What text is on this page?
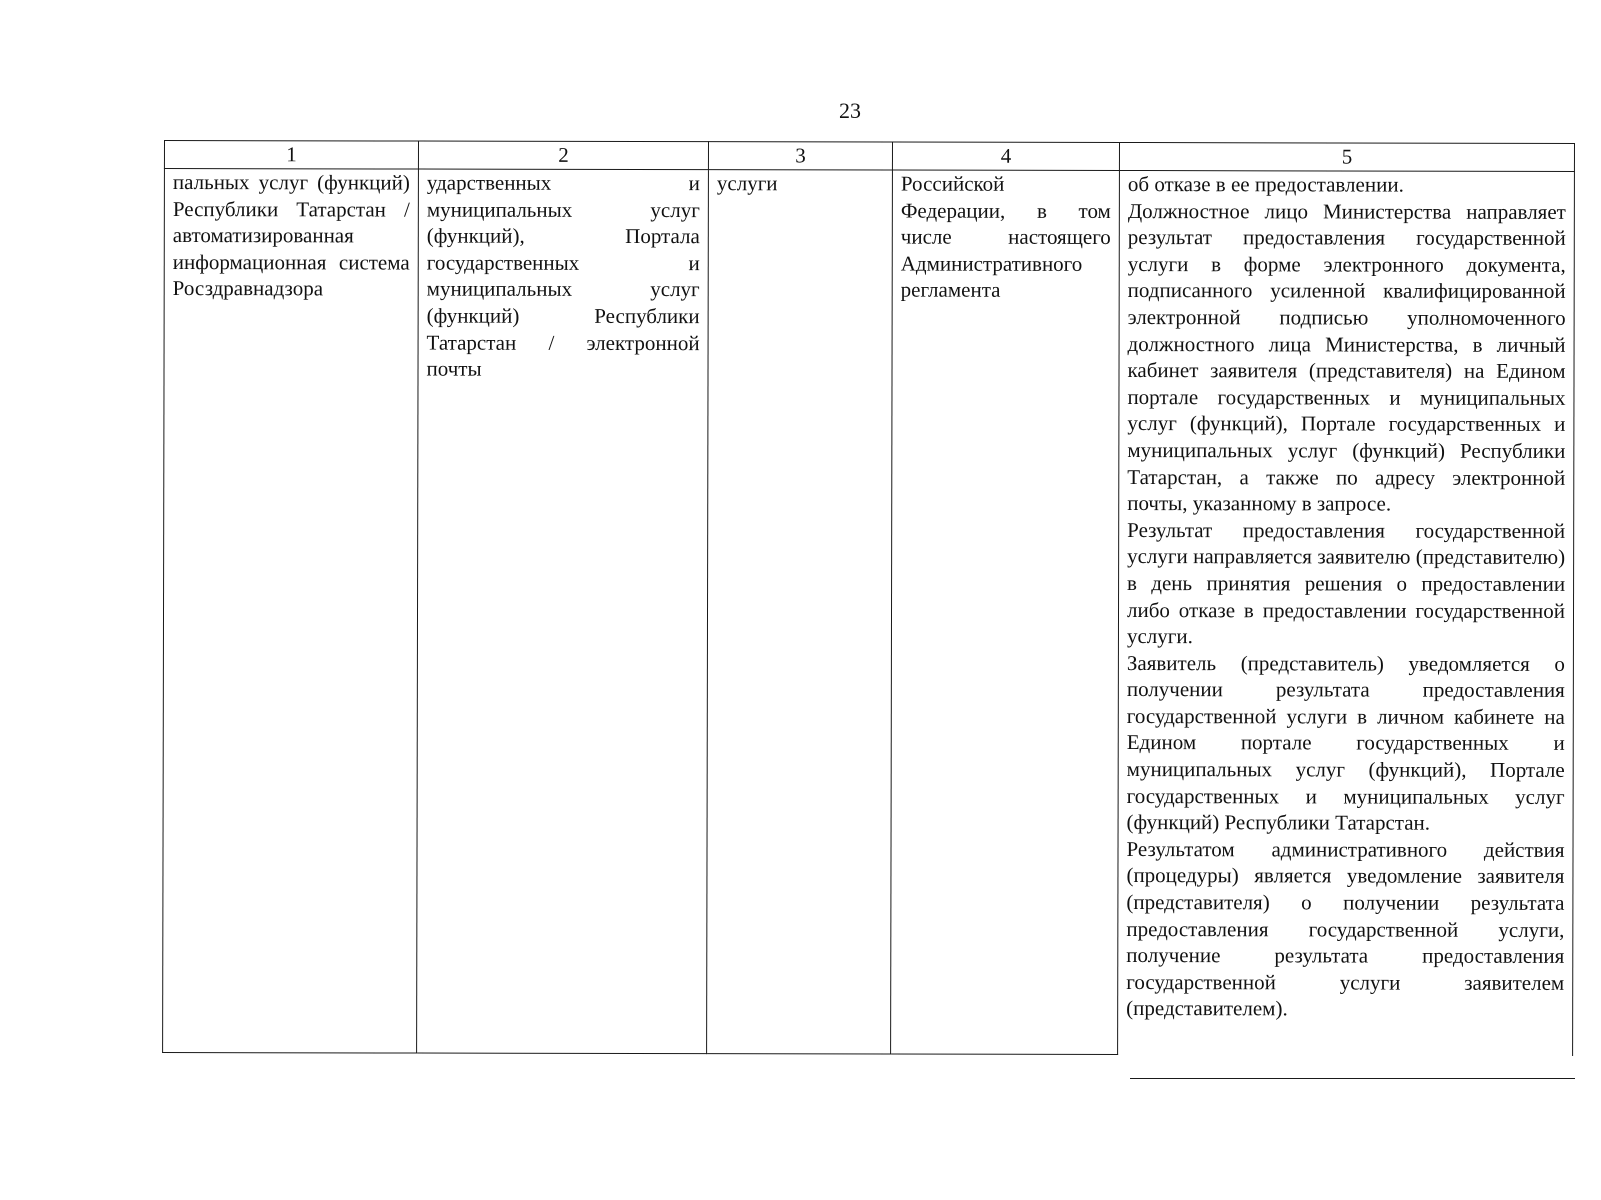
23
1	2	3	4	5

пальных услуг (функций) Республики Татарстан / автоматизированная информационная система Росздравнадзора	ударственных и муниципальных услуг (функций), Портала государственных и муниципальных услуг (функций) Республики Татарстан / электронной почты	услуги	Российской Федерации, в том числе настоящего Административного регламента	об отказе в ее предоставлении.
Должностное лицо Министерства направляет результат предоставления государственной услуги в форме электронного документа, подписанного усиленной квалифицированной электронной подписью уполномоченного должностного лица Министерства, в личный кабинет заявителя (представителя) на Едином портале государственных и муниципальных услуг (функций), Портале государственных и муниципальных услуг (функций) Республики Татарстан, а также по адресу электронной почты, указанному в запросе.
Результат предоставления государственной услуги направляется заявителю (представителю) в день принятия решения о предоставлении либо отказе в предоставлении государственной услуги.
Заявитель (представитель) уведомляется о получении результата предоставления государственной услуги в личном кабинете на Едином портале государственных и муниципальных услуг (функций), Портале государственных и муниципальных услуг (функций) Республики Татарстан.
Результатом административного действия (процедуры) является уведомление заявителя (представителя) о получении результата предоставления государственной услуги, получение результата предоставления государственной услуги заявителем (представителем).
